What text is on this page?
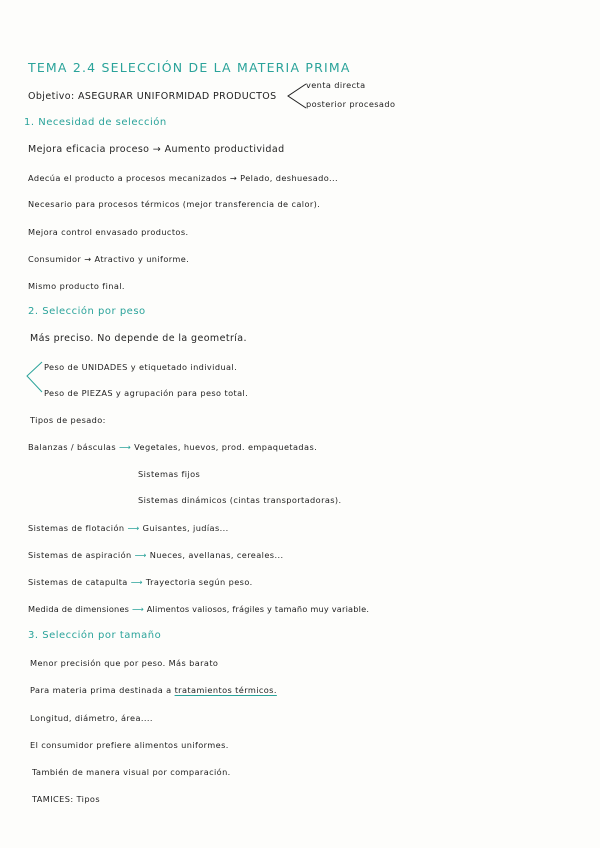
TEMA 2.4 SELECCIÓN DE LA MATERIA PRIMA
Objetivo: ASEGURAR UNIFORMIDAD PRODUCTOS
venta directa
posterior procesado
1. Necesidad de selección
Mejora eficacia proceso → Aumento productividad
Adecúa el producto a procesos mecanizados → Pelado, deshuesado...
Necesario para procesos térmicos (mejor transferencia de calor).
Mejora control envasado productos.
Consumidor → Atractivo y uniforme.
Mismo producto final.
2. Selección por peso
Más preciso. No depende de la geometría.
Peso de UNIDADES y etiquetado individual.
Peso de PIEZAS y agrupación para peso total.
Tipos de pesado:
Balanzas / básculas ⟶ Vegetales, huevos, prod. empaquetadas.
Sistemas fijos
Sistemas dinámicos (cintas transportadoras).
Sistemas de flotación ⟶ Guisantes, judías...
Sistemas de aspiración ⟶ Nueces, avellanas, cereales...
Sistemas de catapulta ⟶ Trayectoria según peso.
Medida de dimensiones ⟶ Alimentos valiosos, frágiles y tamaño muy variable.
3. Selección por tamaño
Menor precisión que por peso. Más barato
Para materia prima destinada a tratamientos térmicos.
Longitud, diámetro, área....
El consumidor prefiere alimentos uniformes.
También de manera visual por comparación.
TAMICES: Tipos
